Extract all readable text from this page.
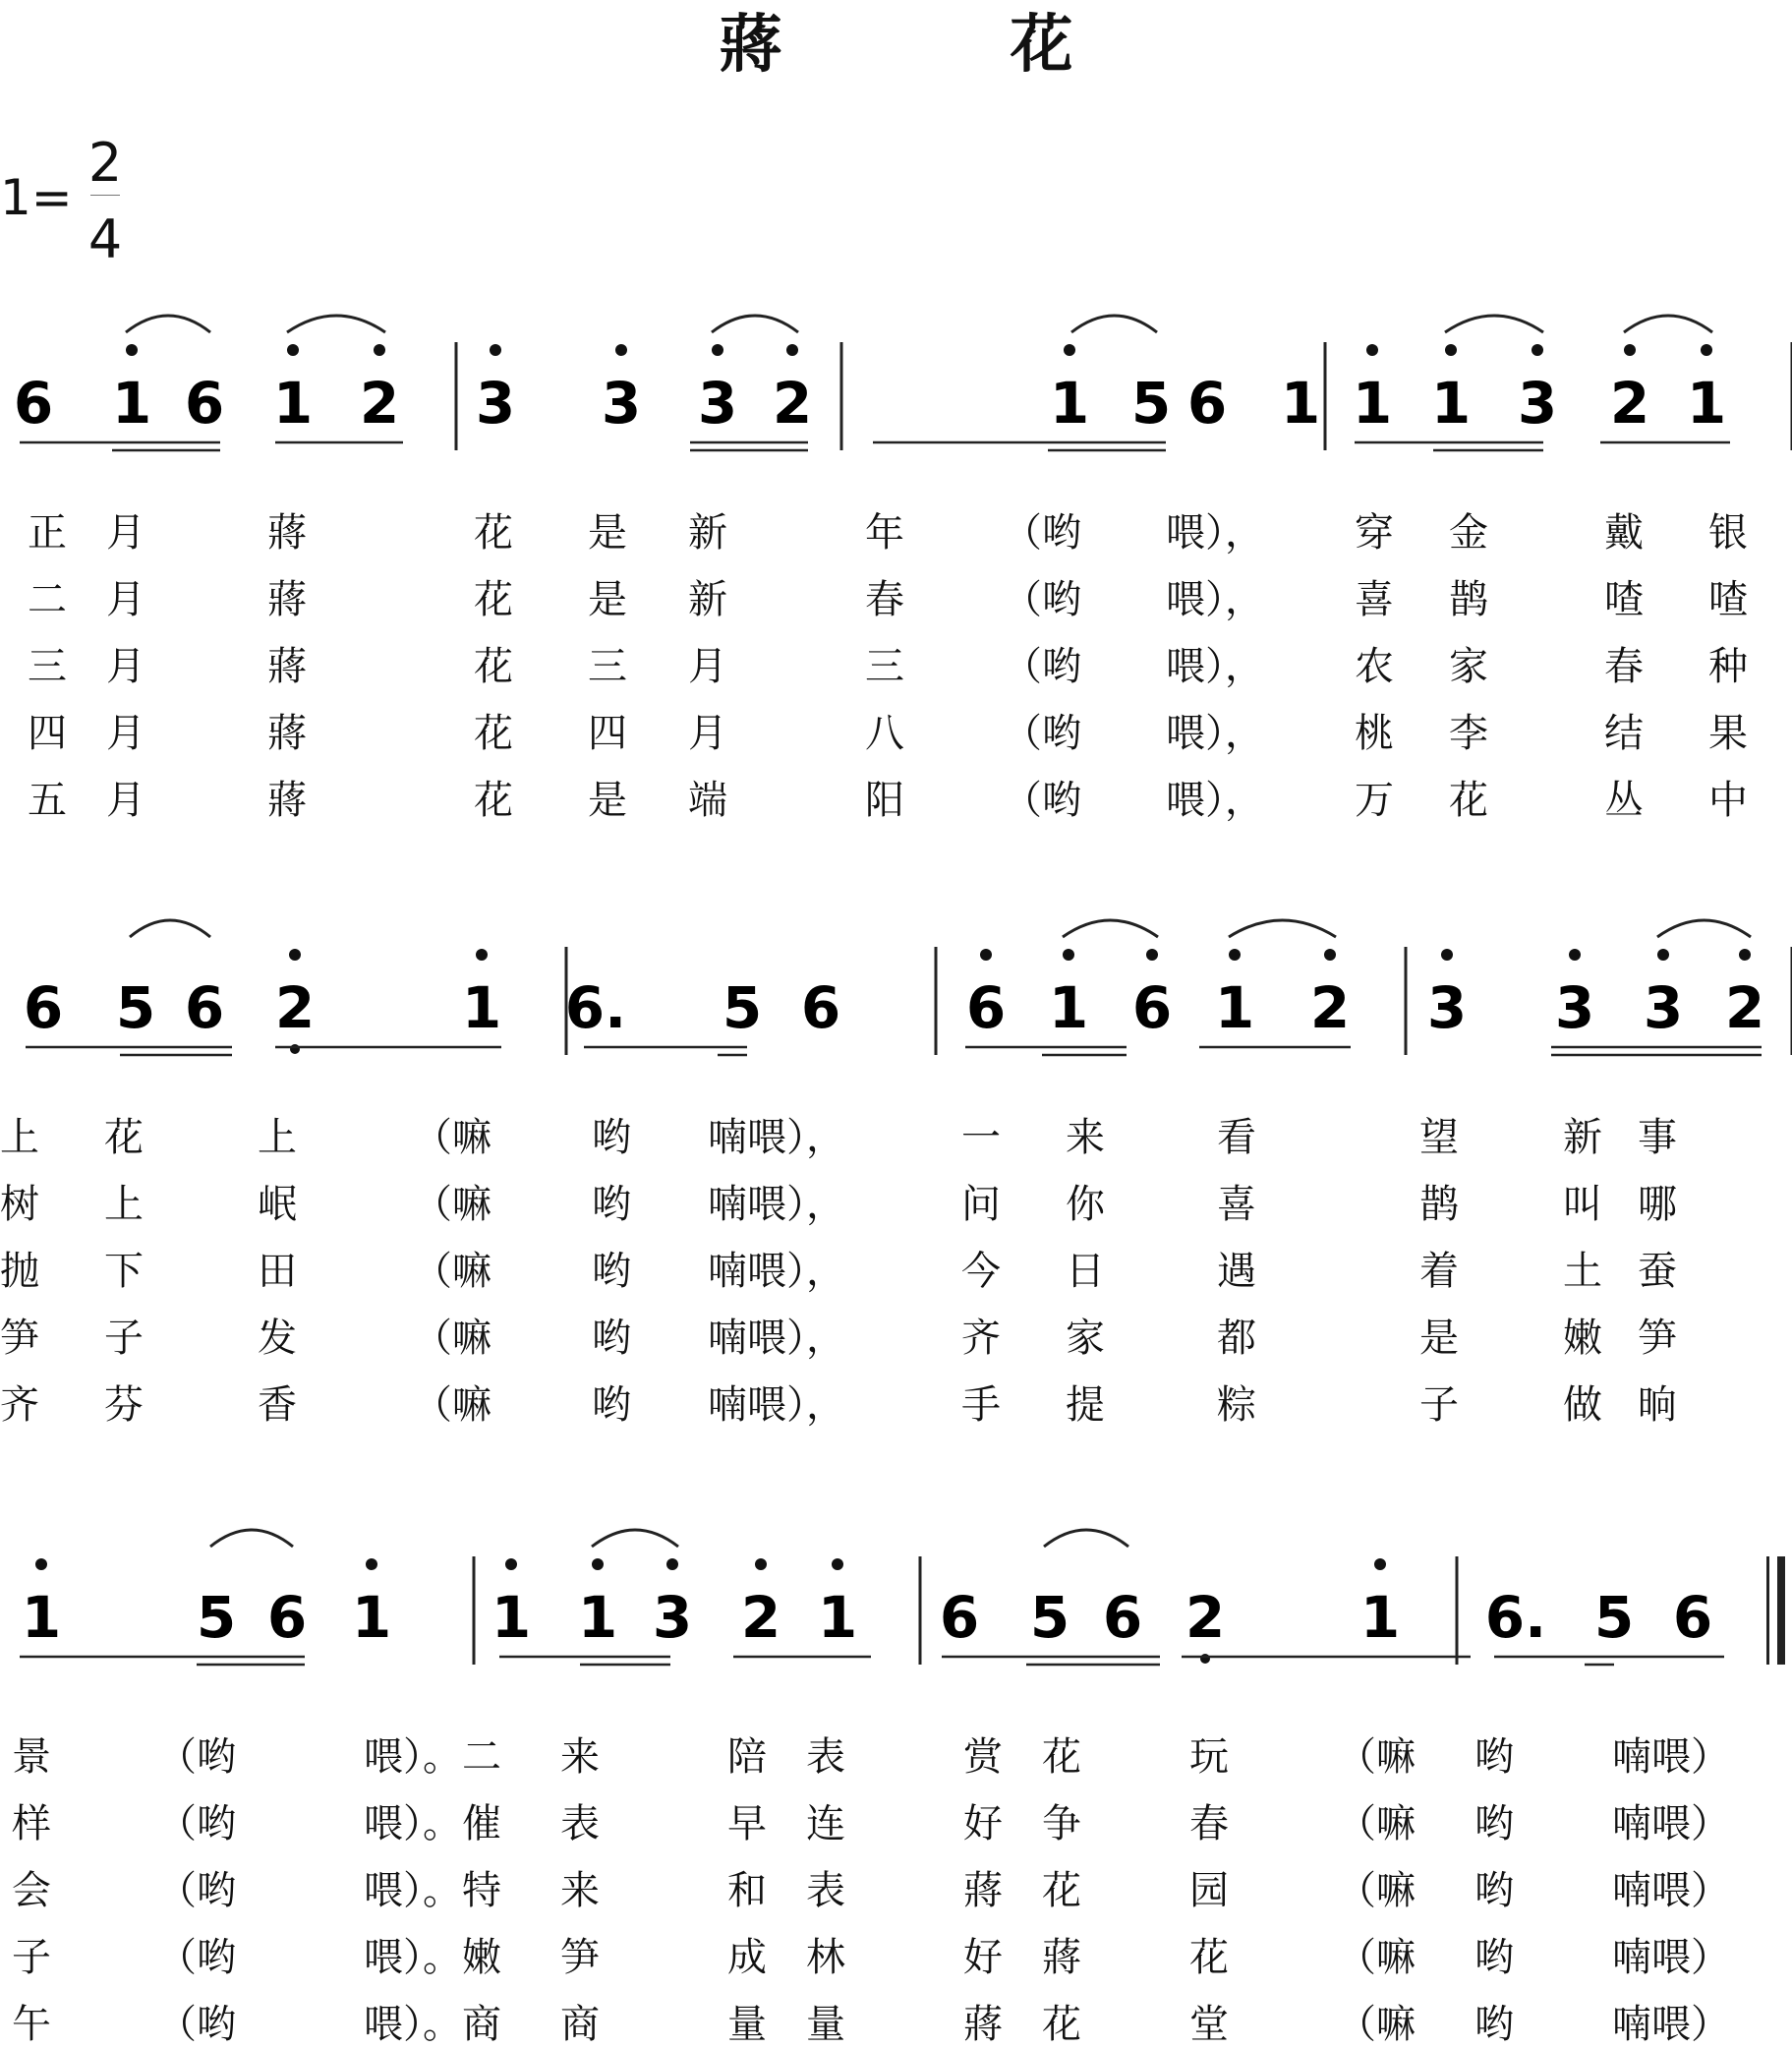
蔣　花
1=
2
4
6 1 6 1 2 3 3 3 2	1 5 6 1 1 1 3 2 1
6 5 6 2	1 6. 5 6 6 1 6 1 2 3 3 3 2
1 5 6 1 1 1 3 2 1 6 5 6 2 1 6. 5 6
正 月	蔣	花 是 新	年	（哟 喂）， 穿 金	戴 银
二 月	蔣	花 是 新	春	（哟 喂）， 喜 鹊	喳 喳
三 月	蔣	花 三 月	三	（哟 喂）， 农 家	春 种
四 月	蔣	花 四 月	八	（哟 喂）， 桃 李	结 果
五 月	蔣	花 是 端	阳	（哟 喂）， 万 花	丛 中
上 花	上	（嘛	哟 喃喂），	一 来	看	望	新 事
树 上	岷	（嘛	哟 喃喂），	问 你	喜	鹊	叫 哪
抛 下	田	（嘛	哟 喃喂），	今 日	遇	着	土 蚕
笋 子	发	（嘛	哟 喃喂），	齐 家	都	是	嫩 笋
齐 芬	香	（嘛	哟 喃喂），	手 提	粽	子	做 晌
景	（哟	喂）。二 来	陪 表	赏 花	玩	（嘛 哟	喃喂）
样	（哟	喂）。催 表	早 连	好 争	春	（嘛 哟	喃喂）
会	（哟	喂）。特 来	和 表	蔣 花	园	（嘛 哟	喃喂）
子	（哟	喂）。嫩 笋	成 林	好 蔣	花	（嘛 哟	喃喂）
午	（哟	喂）。商 商	量 量	蔣 花	堂	（嘛 哟	喃喂）
